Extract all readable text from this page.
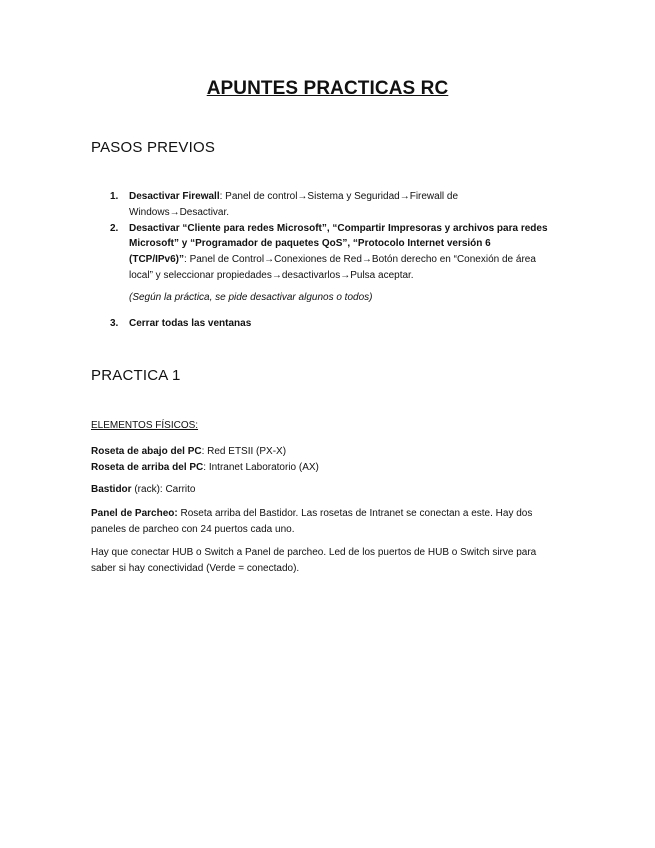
APUNTES PRACTICAS RC
PASOS PREVIOS
1. Desactivar Firewall: Panel de control→Sistema y Seguridad→Firewall de
Windows→Desactivar.
2. Desactivar “Cliente para redes Microsoft”, “Compartir Impresoras y archivos para redes
Microsoft” y “Programador de paquetes QoS”, “Protocolo Internet versión 6
(TCP/IPv6)”: Panel de Control→Conexiones de Red→Botón derecho en “Conexión de área
local” y seleccionar propiedades→desactivarlos→Pulsa aceptar.
(Según la práctica, se pide desactivar algunos o todos)
3. Cerrar todas las ventanas
PRACTICA 1
ELEMENTOS FÍSICOS:
Roseta de abajo del PC: Red ETSII (PX-X)
Roseta de arriba del PC: Intranet Laboratorio (AX)
Bastidor (rack): Carrito
Panel de Parcheo: Roseta arriba del Bastidor. Las rosetas de Intranet se conectan a este. Hay dos
paneles de parcheo con 24 puertos cada uno.
Hay que conectar HUB o Switch a Panel de parcheo. Led de los puertos de HUB o Switch sirve para
saber si hay conectividad (Verde = conectado).
